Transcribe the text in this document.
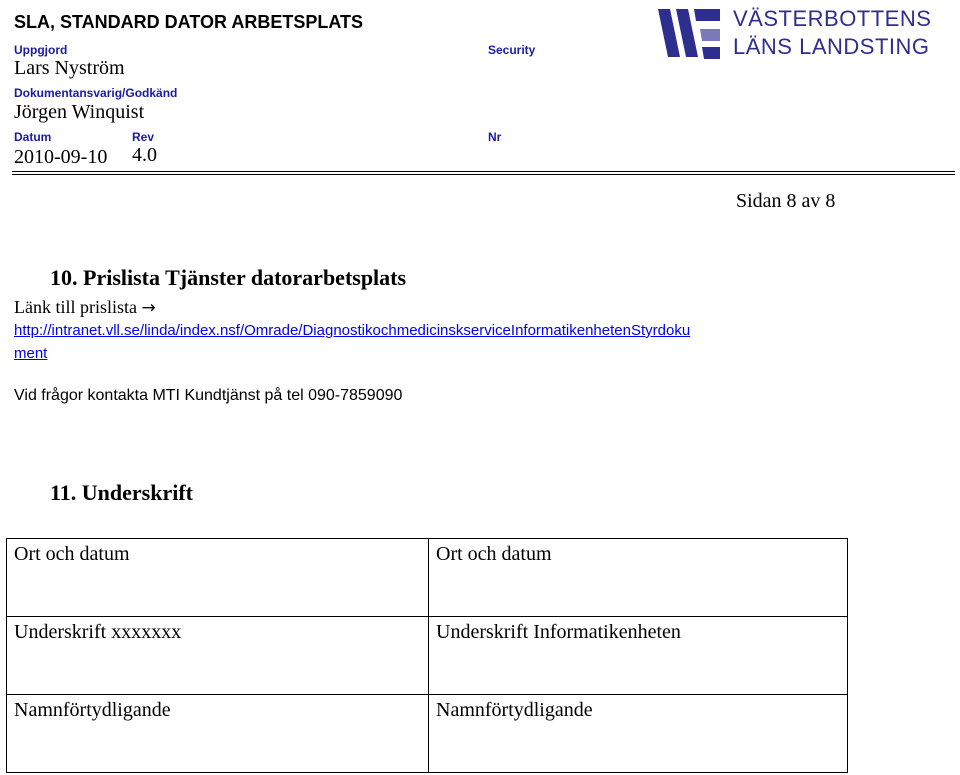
SLA, STANDARD DATOR ARBETSPLATS
Uppgjord	Security
Lars Nyström
Dokumentansvarig/Godkänd
Jörgen Winquist
Datum	Rev	Nr
2010-09-10 4.0
VÄSTERBOTTENS
LÄNS LANDSTING
Sidan 8 av 8
10. Prislista Tjänster datorarbetsplats
Länk till prislista →
http://intranet.vll.se/linda/index.nsf/Omrade/DiagnostikochmedicinskserviceInformatikenhetenStyrdoku
ment
Vid frågor kontakta MTI Kundtjänst på tel 090-7859090
11. Underskrift
Ort och datum	Ort och datum
Underskrift xxxxxxx	Underskrift Informatikenheten
Namnförtydligande	Namnförtydligande
